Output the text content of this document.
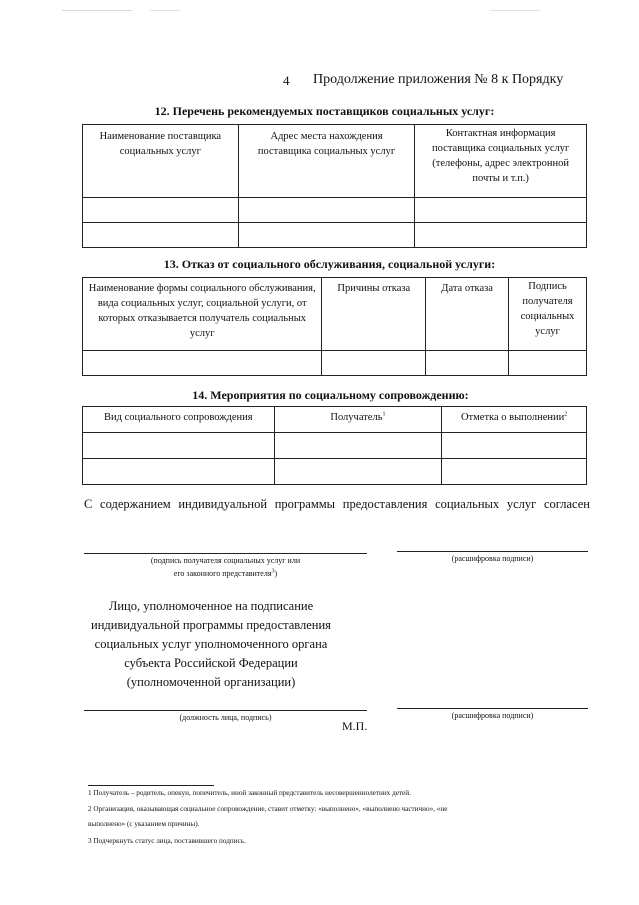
4 Продолжение приложения № 8 к Порядку
12. Перечень рекомендуемых поставщиков социальных услуг:
Наименование поставщика социальных услуг	Адрес места нахождения поставщика социальных услуг	Контактная информация поставщика социальных услуг (телефоны, адрес электронной почты и т.п.)

13. Отказ от социального обслуживания, социальной услуги:
Наименование формы социального обслуживания, вида социальных услуг, социальной услуги, от которых отказывается получатель социальных услуг	Причины отказа	Дата отказа	Подпись получателя социальных услуг

14. Мероприятия по социальному сопровождению:
Вид социального сопровождения	Получатель$^1$	Отметка о выполнении$^2$

С содержанием индивидуальной программы предоставления социальных услуг согласен
(подпись получателя социальных услуг или
его законного представителя$^3$)
(расшифровка подписи)
Лицо, уполномоченное на подписание
индивидуальной программы предоставления
социальных услуг уполномоченного органа
субъекта Российской Федерации
(уполномоченной организации)
(должность лица, подпись)	(расшифровка подписи)
М.П.
1 Получатель – родитель, опекун, попечитель, иной законный представитель несовершеннолетних детей.
2 Организация, оказывающая социальное сопровождение, ставит отметку: «выполнено», «выполнено частично», «не
выполнено» (с указанием причины).
3 Подчеркнуть статус лица, поставившего подпись.
